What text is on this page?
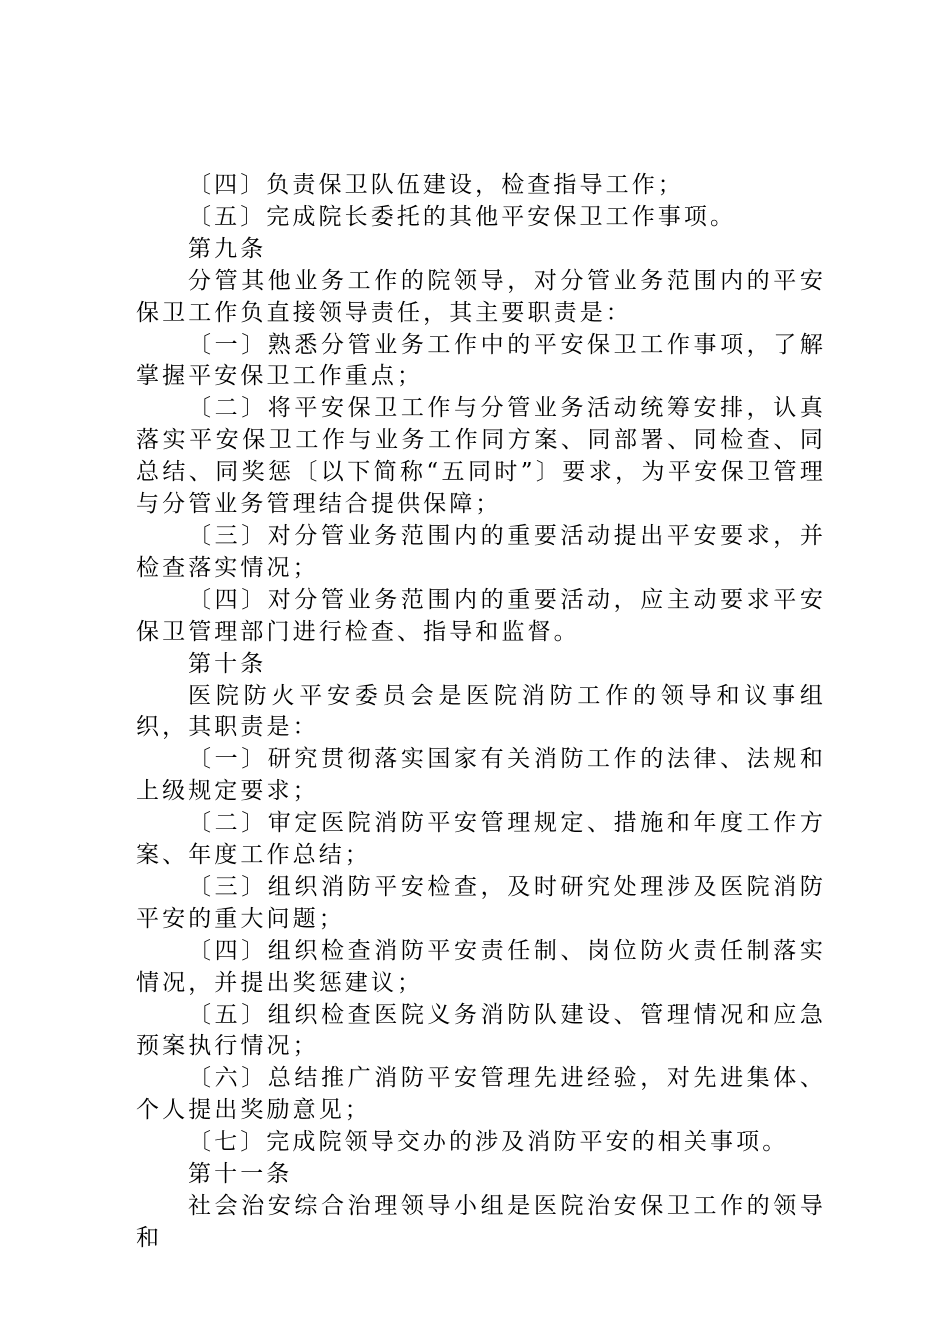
〔四〕负责保卫队伍建设，检查指导工作；

〔五〕完成院长委托的其他平安保卫工作事项。

第九条

分管其他业务工作的院领导，对分管业务范围内的平安保卫工作负直接领导责任，其主要职责是：

〔一〕熟悉分管业务工作中的平安保卫工作事项，了解掌握平安保卫工作重点；

〔二〕将平安保卫工作与分管业务活动统筹安排，认真落实平安保卫工作与业务工作同方案、同部署、同检查、同总结、同奖惩〔以下简称“五同时”〕要求，为平安保卫管理与分管业务管理结合提供保障；

〔三〕对分管业务范围内的重要活动提出平安要求，并检查落实情况；

〔四〕对分管业务范围内的重要活动，应主动要求平安保卫管理部门进行检查、指导和监督。

第十条

医院防火平安委员会是医院消防工作的领导和议事组织，其职责是：

〔一〕研究贯彻落实国家有关消防工作的法律、法规和上级规定要求；

〔二〕审定医院消防平安管理规定、措施和年度工作方案、年度工作总结；

〔三〕组织消防平安检查，及时研究处理涉及医院消防平安的重大问题；

〔四〕组织检查消防平安责任制、岗位防火责任制落实情况，并提出奖惩建议；

〔五〕组织检查医院义务消防队建设、管理情况和应急预案执行情况；

〔六〕总结推广消防平安管理先进经验，对先进集体、个人提出奖励意见；

〔七〕完成院领导交办的涉及消防平安的相关事项。

第十一条

社会治安综合治理领导小组是医院治安保卫工作的领导和
